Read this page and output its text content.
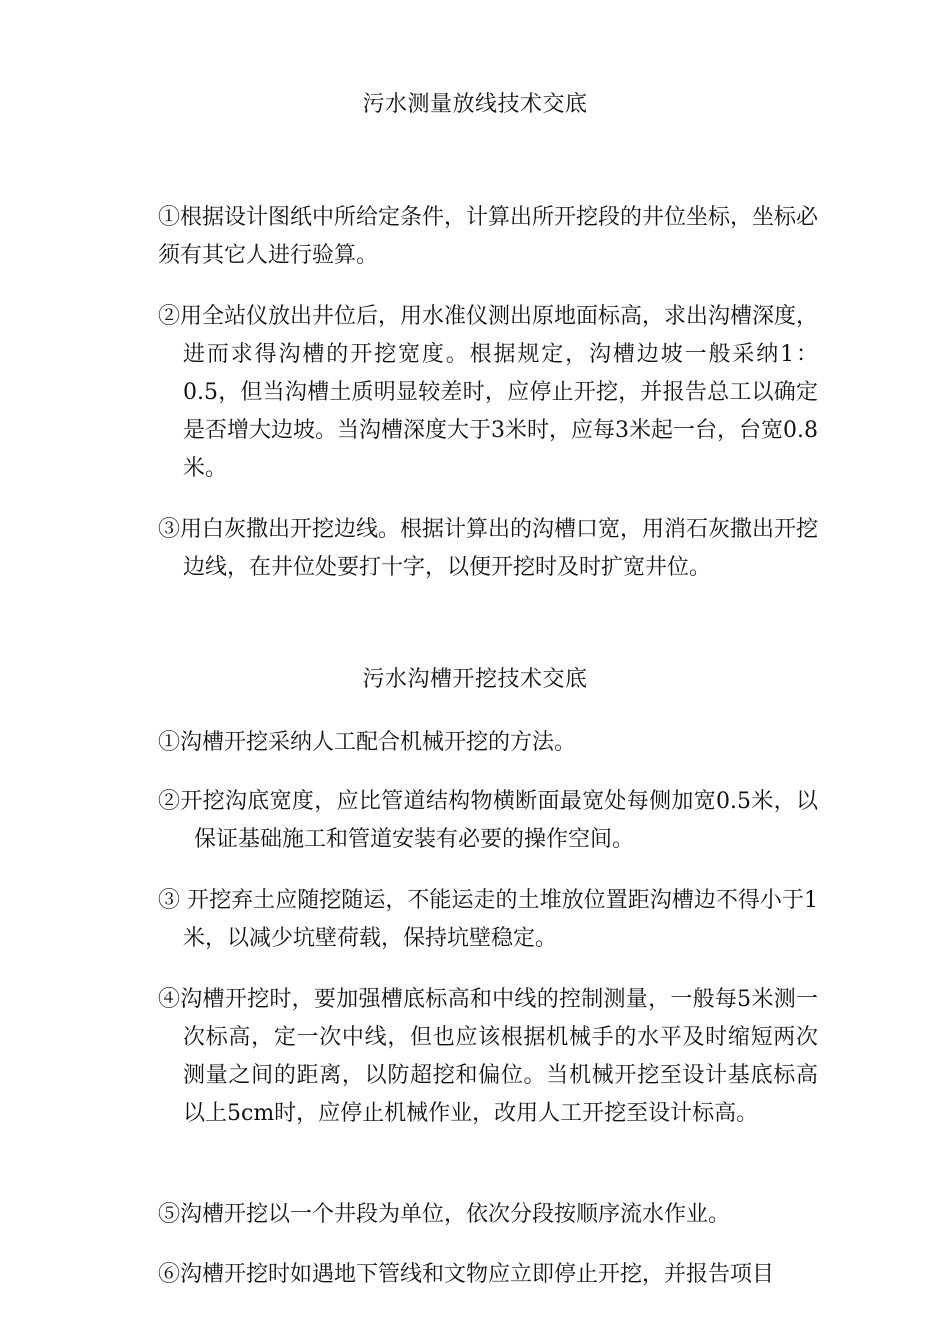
污水测量放线技术交底
①根据设计图纸中所给定条件，计算出所开挖段的井位坐标，坐标必须有其它人进行验算。
②用全站仪放出井位后，用水准仪测出原地面标高，求出沟槽深度，进而求得沟槽的开挖宽度。根据规定，沟槽边坡一般采纳1：0.5，但当沟槽土质明显较差时，应停止开挖，并报告总工以确定是否增大边坡。当沟槽深度大于3米时，应每3米起一台，台宽0.8米。
③用白灰撒出开挖边线。根据计算出的沟槽口宽，用消石灰撒出开挖边线，在井位处要打十字，以便开挖时及时扩宽井位。
污水沟槽开挖技术交底
①沟槽开挖采纳人工配合机械开挖的方法。
②开挖沟底宽度，应比管道结构物横断面最宽处每侧加宽0.5米，以保证基础施工和管道安装有必要的操作空间。
③ 开挖弃土应随挖随运，不能运走的土堆放位置距沟槽边不得小于1米，以减少坑壁荷载，保持坑壁稳定。
④沟槽开挖时，要加强槽底标高和中线的控制测量，一般每5米测一次标高，定一次中线，但也应该根据机械手的水平及时缩短两次测量之间的距离，以防超挖和偏位。当机械开挖至设计基底标高以上5cm时，应停止机械作业，改用人工开挖至设计标高。
⑤沟槽开挖以一个井段为单位，依次分段按顺序流水作业。
⑥沟槽开挖时如遇地下管线和文物应立即停止开挖，并报告项目
